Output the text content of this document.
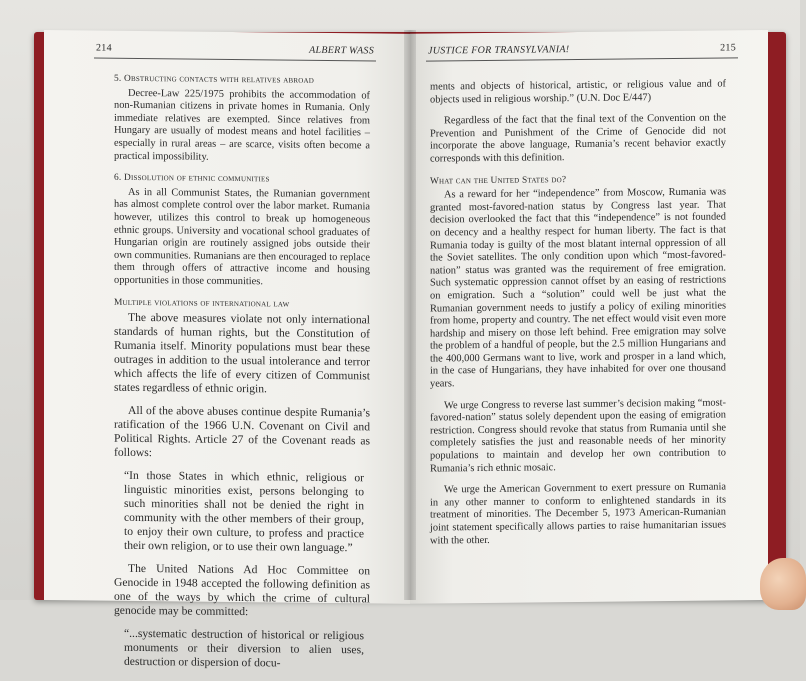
214	ALBERT WASS
5. Obstructing contacts with relatives abroad

Decree-Law 225/1975 prohibits the accommodation of non-Rumanian citizens in private homes in Rumania. Only immediate relatives are exempted. Since relatives from Hungary are usually of modest means and hotel facilities – especially in rural areas – are scarce, visits often become a practical impossibility.

6. Dissolution of ethnic communities

As in all Communist States, the Rumanian government has almost complete control over the labor market. Rumania however, utilizes this control to break up homogeneous ethnic groups. University and vocational school graduates of Hungarian origin are routinely assigned jobs outside their own communities. Rumanians are then encouraged to replace them through offers of attractive income and housing opportunities in those communities.

Multiple violations of international law

The above measures violate not only international standards of human rights, but the Constitution of Rumania itself. Minority populations must bear these outrages in addition to the usual intolerance and terror which affects the life of every citizen of Communist states regardless of ethnic origin.

All of the above abuses continue despite Rumania’s ratification of the 1966 U.N. Covenant on Civil and Political Rights. Article 27 of the Covenant reads as follows:

“In those States in which ethnic, religious or linguistic minorities exist, persons belonging to such minorities shall not be denied the right in community with the other members of their group, to enjoy their own culture, to profess and practice their own religion, or to use their own language.”

The United Nations Ad Hoc Committee on Genocide in 1948 accepted the following definition as one of the ways by which the crime of cultural genocide may be committed:

“...systematic destruction of historical or religious monuments or their diversion to alien uses, destruction or dispersion of docu-

JUSTICE FOR TRANSYLVANIA!	215

ments and objects of historical, artistic, or religious value and of objects used in religious worship.” (U.N. Doc E/447)

Regardless of the fact that the final text of the Convention on the Prevention and Punishment of the Crime of Genocide did not incorporate the above language, Rumania’s recent behavior exactly corresponds with this definition.

What can the United States do?

As a reward for her “independence” from Moscow, Rumania was granted most-favored-nation status by Congress last year. That decision overlooked the fact that this “independence” is not founded on decency and a healthy respect for human liberty. The fact is that Rumania today is guilty of the most blatant internal oppression of all the Soviet satellites. The only condition upon which “most-favored-nation” status was granted was the requirement of free emigration. Such systematic oppression cannot offset by an easing of restrictions on emigration. Such a “solution” could well be just what the Rumanian government needs to justify a policy of exiling minorities from home, property and country. The net effect would visit even more hardship and misery on those left behind. Free emigration may solve the problem of a handful of people, but the 2.5 million Hungarians and the 400,000 Germans want to live, work and prosper in a land which, in the case of Hungarians, they have inhabited for over one thousand years.

We urge Congress to reverse last summer’s decision making “most-favored-nation” status solely dependent upon the easing of emigration restriction. Congress should revoke that status from Rumania until she completely satisfies the just and reasonable needs of her minority populations to maintain and develop her own contribution to Rumania’s rich ethnic mosaic.

We urge the American Government to exert pressure on Rumania in any other manner to conform to enlightened standards in its treatment of minorities. The December 5, 1973 American-Rumanian joint statement specifically allows parties to raise humanitarian issues with the other.
